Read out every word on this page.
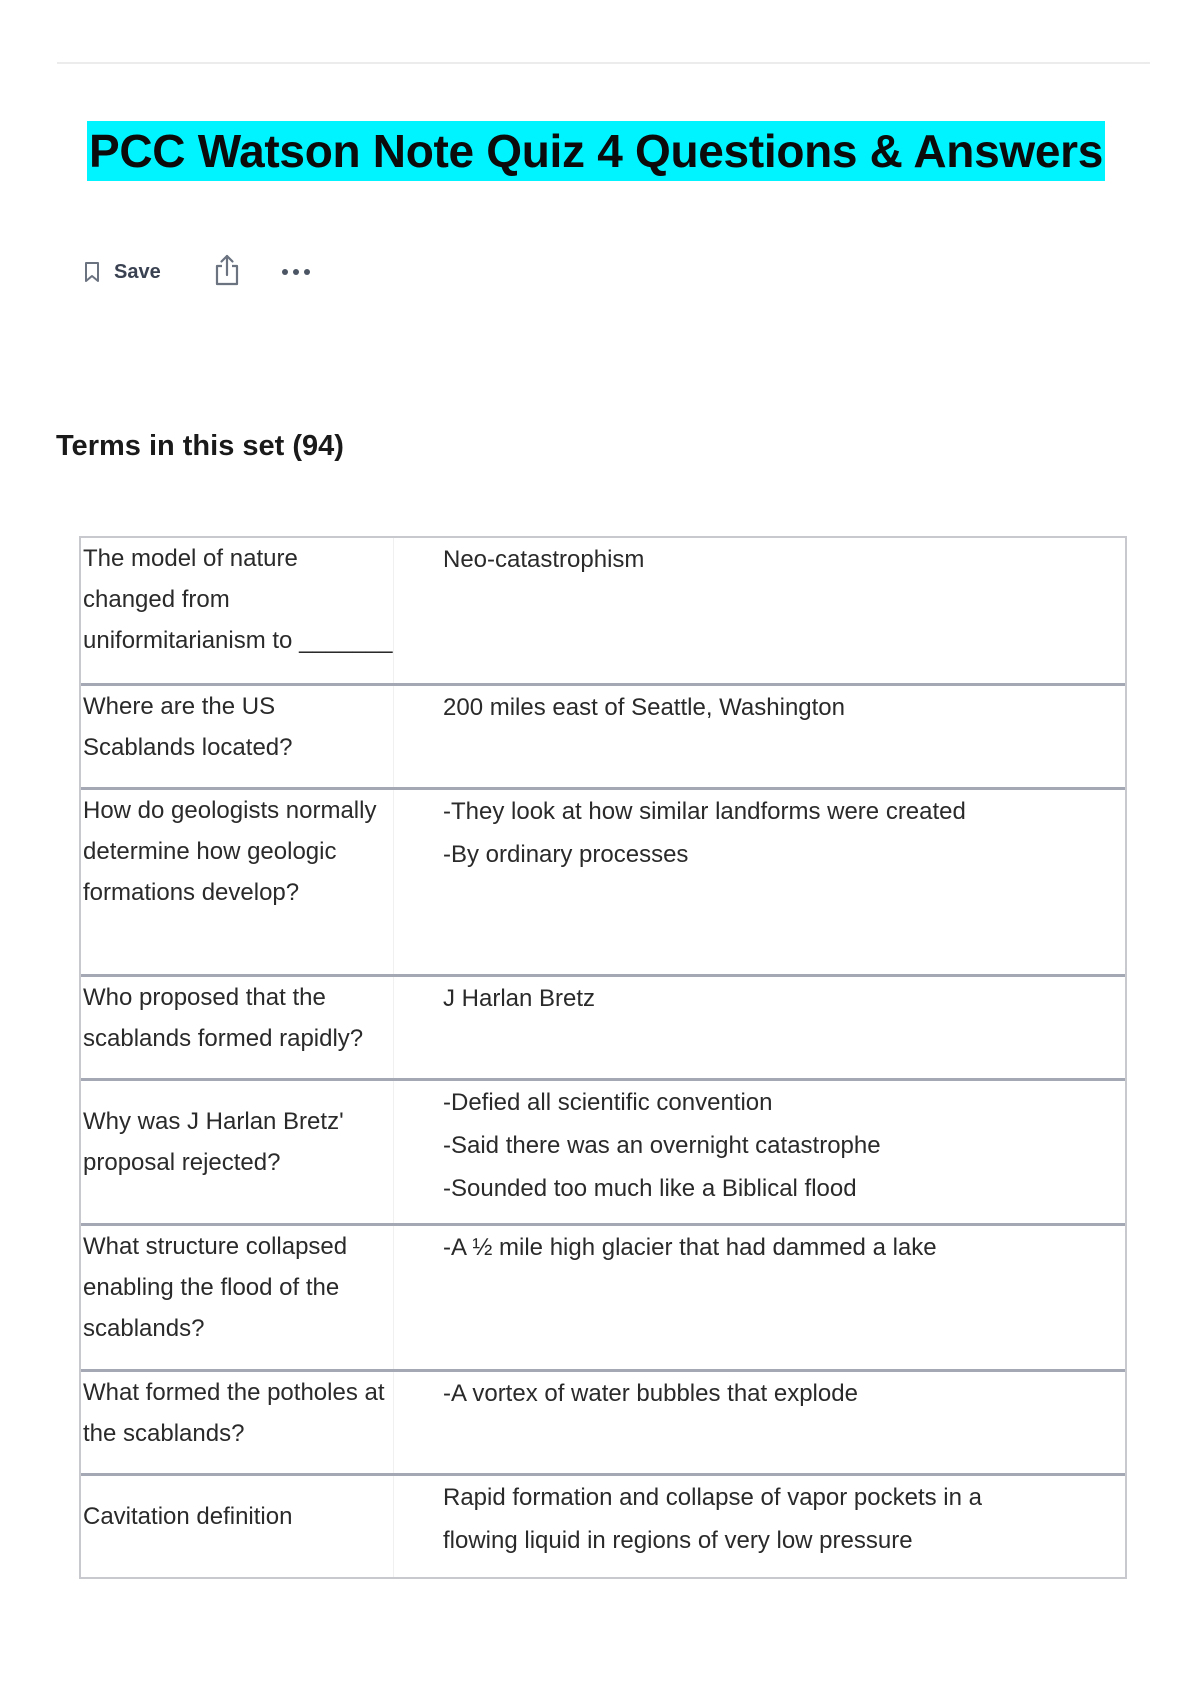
PCC Watson Note Quiz 4 Questions & Answers
Save
Terms in this set (94)
The model of nature changed from uniformitarianism to _______
Neo-catastrophism
Where are the US Scablands located?
200 miles east of Seattle, Washington
How do geologists normally determine how geologic formations develop?
-They look at how similar landforms were created
-By ordinary processes
Who proposed that the scablands formed rapidly?
J Harlan Bretz
Why was J Harlan Bretz' proposal rejected?
-Defied all scientific convention
-Said there was an overnight catastrophe
-Sounded too much like a Biblical flood
What structure collapsed enabling the flood of the scablands?
-A ½ mile high glacier that had dammed a lake
What formed the potholes at the scablands?
-A vortex of water bubbles that explode
Cavitation definition
Rapid formation and collapse of vapor pockets in a
flowing liquid in regions of very low pressure
